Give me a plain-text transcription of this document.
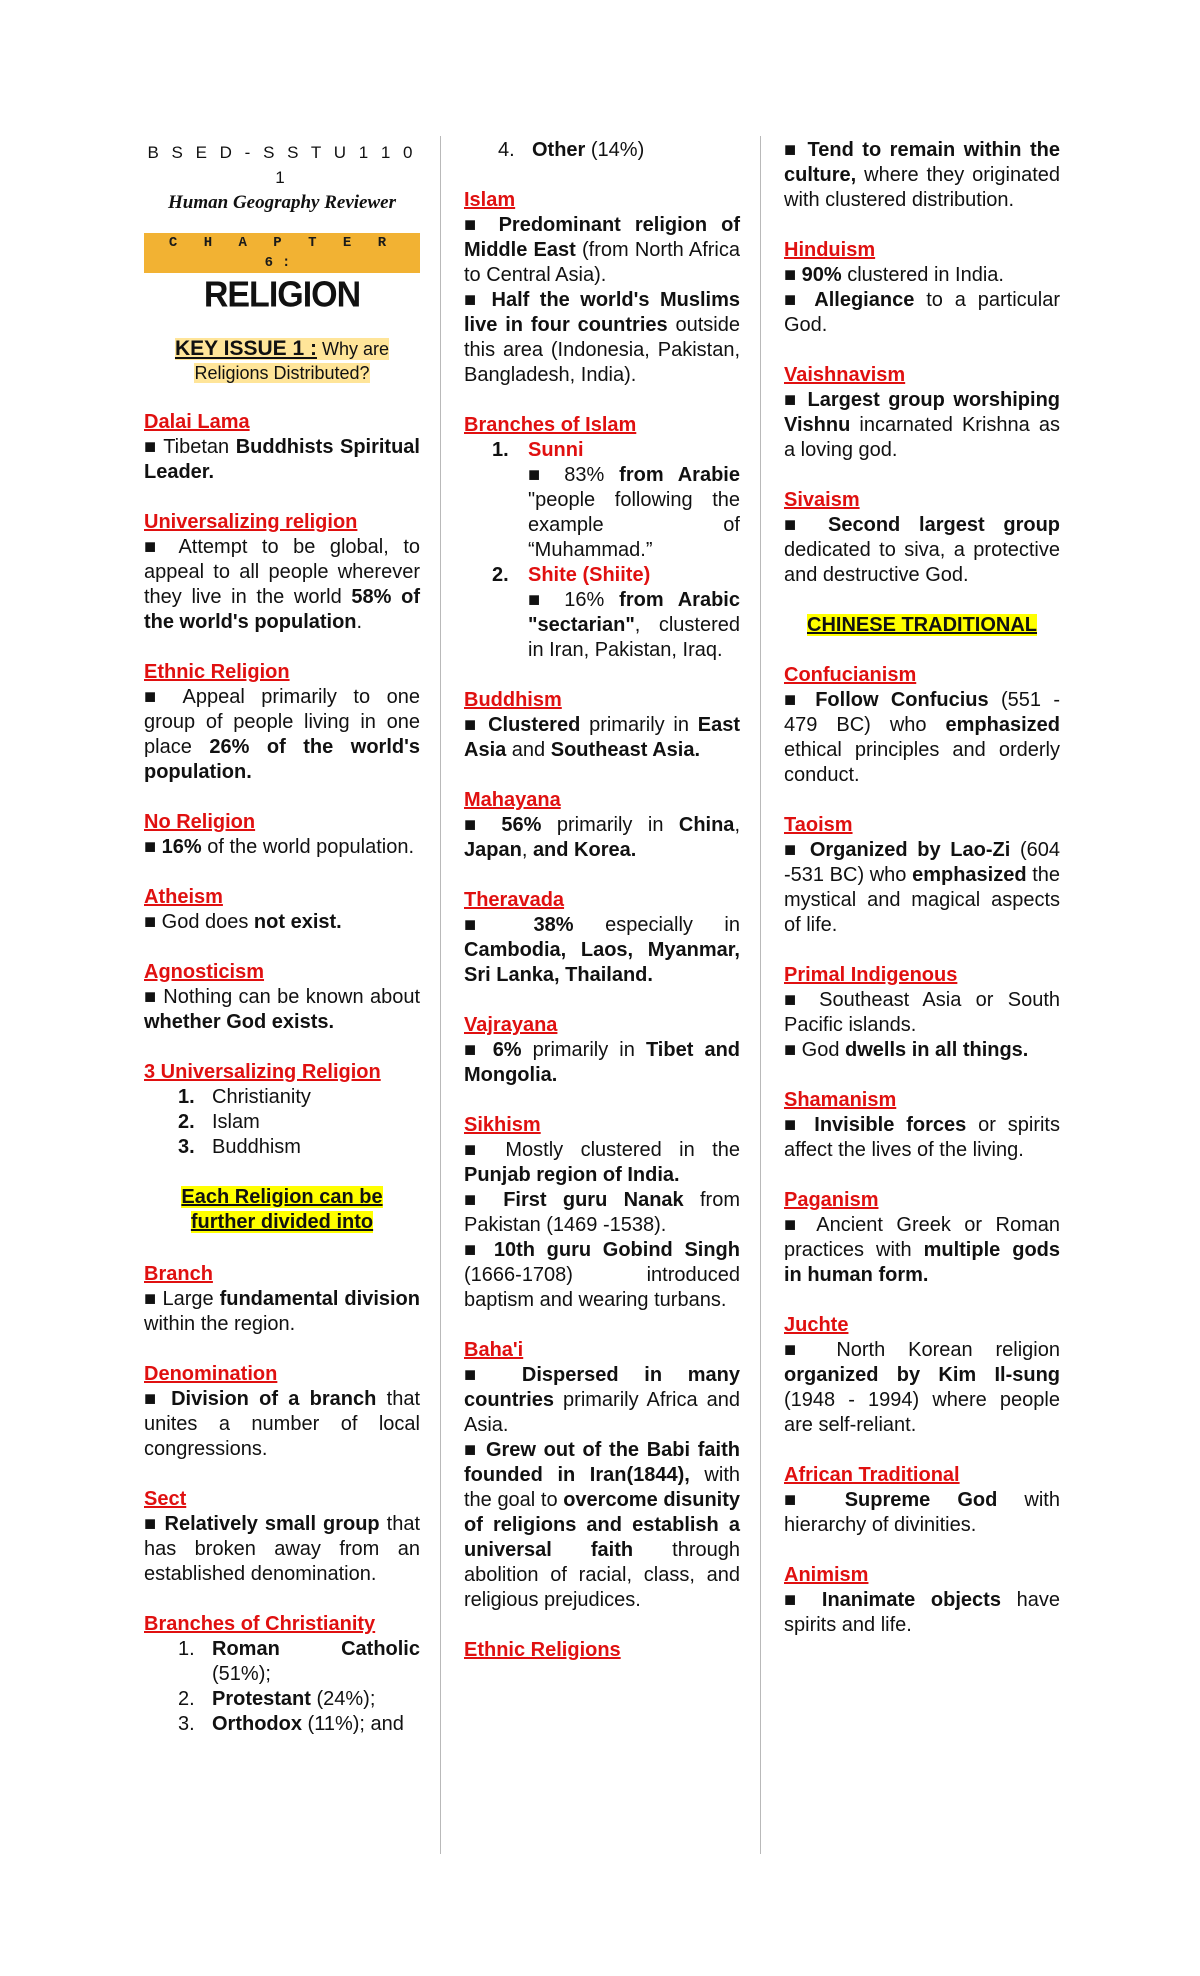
B S E D - S S T U 1 1 0 1
Human Geography Reviewer
C H A P T E R 6:
RELIGION
KEY ISSUE 1 : Why are
Religions Distributed?
Dalai Lama

■ Tibetan Buddhists Spiritual Leader.

Universalizing religion

■ Attempt to be global, to appeal to all people wherever they live in the world 58% of the world's population.

Ethnic Religion

■ Appeal primarily to one group of people living in one place 26% of the world's population.

No Religion

■ 16% of the world population.

Atheism

■ God does not exist.

Agnosticism

■ Nothing can be known about whether God exists.

3 Universalizing Religion
1. Christianity
2. Islam
3. Buddhism
Each Religion can be
further divided into
Branch

■ Large fundamental division within the region.

Denomination

■ Division of a branch that unites a number of local congressions.

Sect

■ Relatively small group that has broken away from an established denomination.

Branches of Christianity
1. Roman Catholic (51%);

2. Protestant (24%);

3. Orthodox (11%); and

4. Other (14%)
Islam

■ Predominant religion of Middle East (from North Africa to Central Asia).

■ Half the world's Muslims live in four countries outside this area (Indonesia, Pakistan, Bangladesh, India).

Branches of Islam
1. Sunni

■ 83% from Arabie "people following the example of “Muhammad.”

2. Shite (Shiite)

■ 16% from Arabic "sectarian", clustered in Iran, Pakistan, Iraq.

Buddhism

■ Clustered primarily in East Asia and Southeast Asia.

Mahayana

■ 56% primarily in China, Japan, and Korea.

Theravada

■ 38% especially in Cambodia, Laos, Myanmar, Sri Lanka, Thailand.

Vajrayana

■ 6% primarily in Tibet and Mongolia.

Sikhism

■ Mostly clustered in the Punjab region of India.

■ First guru Nanak from Pakistan (1469 -1538).

■ 10th guru Gobind Singh (1666-1708) introduced baptism and wearing turbans.

Baha'i

■ Dispersed in many countries primarily Africa and Asia.

■ Grew out of the Babi faith founded in Iran(1844), with the goal to overcome disunity of religions and establish a universal faith through abolition of racial, class, and religious prejudices.

Ethnic Religions

■ Tend to remain within the culture, where they originated with clustered distribution.

Hinduism

■ 90% clustered in India.

■ Allegiance to a particular God.

Vaishnavism

■ Largest group worshiping Vishnu incarnated Krishna as a loving god.

Sivaism

■ Second largest group dedicated to siva, a protective and destructive God.

CHINESE TRADITIONAL
Confucianism

■ Follow Confucius (551 - 479 BC) who emphasized ethical principles and orderly conduct.

Taoism

■ Organized by Lao-Zi (604 -531 BC) who emphasized the mystical and magical aspects of life.

Primal Indigenous

■ Southeast Asia or South Pacific islands.

■ God dwells in all things.

Shamanism

■ Invisible forces or spirits affect the lives of the living.

Paganism

■ Ancient Greek or Roman practices with multiple gods in human form.

Juchte

■ North Korean religion organized by Kim Il-sung (1948 - 1994) where people are self-reliant.

African Traditional

■ Supreme God with hierarchy of divinities.

Animism

■ Inanimate objects have spirits and life.
